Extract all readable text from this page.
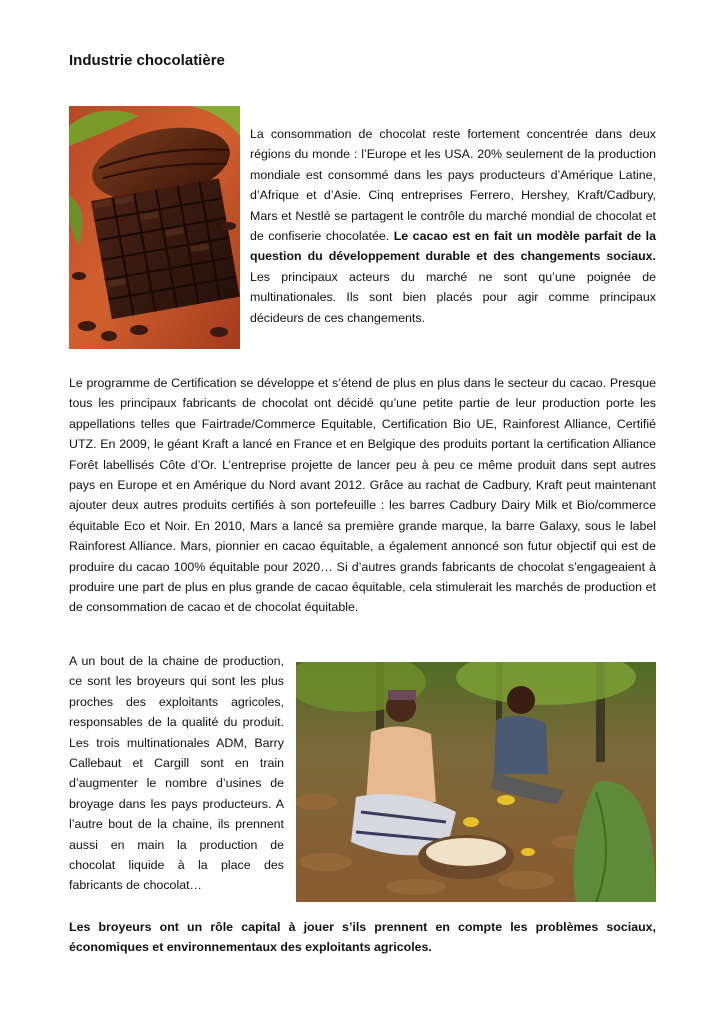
Industrie chocolatière

La consommation de chocolat reste fortement concentrée dans deux régions du monde : l’Europe et les USA. 20% seulement de la production mondiale est consommé dans les pays producteurs d’Amérique Latine, d’Afrique et d’Asie. Cinq entreprises Ferrero, Hershey, Kraft/Cadbury, Mars et Nestlé se partagent le contrôle du marché mondial de chocolat et de confiserie chocolatée. Le cacao est en fait un modèle parfait de la question du développement durable et des changements sociaux. Les principaux acteurs du marché ne sont qu’une poignée de multinationales. Ils sont bien placés pour agir comme principaux décideurs de ces changements.

Le programme de Certification se développe et s’étend de plus en plus dans le secteur du cacao. Presque tous les principaux fabricants de chocolat ont décidé qu’une petite partie de leur production porte les appellations telles que Fairtrade/Commerce Equitable, Certification Bio UE, Rainforest Alliance, Certifié UTZ. En 2009, le géant Kraft a lancé en France et en Belgique des produits portant la certification Alliance Forêt labellisés Côte d’Or. L’entreprise projette de lancer peu à peu ce même produit dans sept autres pays en Europe et en Amérique du Nord avant 2012. Grâce au rachat de Cadbury, Kraft peut maintenant ajouter deux autres produits certifiés à son portefeuille : les barres Cadbury Dairy Milk et Bio/commerce équitable Eco et Noir. En 2010, Mars a lancé sa première grande marque, la barre Galaxy, sous le label Rainforest Alliance. Mars, pionnier en cacao équitable, a également annoncé son futur objectif qui est de produire du cacao 100% équitable pour 2020… Si d’autres grands fabricants de chocolat s’engageaient à produire une part de plus en plus grande de cacao équitable, cela stimulerait les marchés de production et de consommation de cacao et de chocolat équitable.

A un bout de la chaine de production, ce sont les broyeurs qui sont les plus proches des exploitants agricoles, responsables de la qualité du produit. Les trois multinationales ADM, Barry Callebaut et Cargill sont en train d’augmenter le nombre d’usines de broyage dans les pays producteurs. A l’autre bout de la chaine, ils prennent aussi en main la production de chocolat liquide à la place des fabricants de chocolat…

Les broyeurs ont un rôle capital à jouer s’ils prennent en compte les problèmes sociaux, économiques et environnementaux des exploitants agricoles.
